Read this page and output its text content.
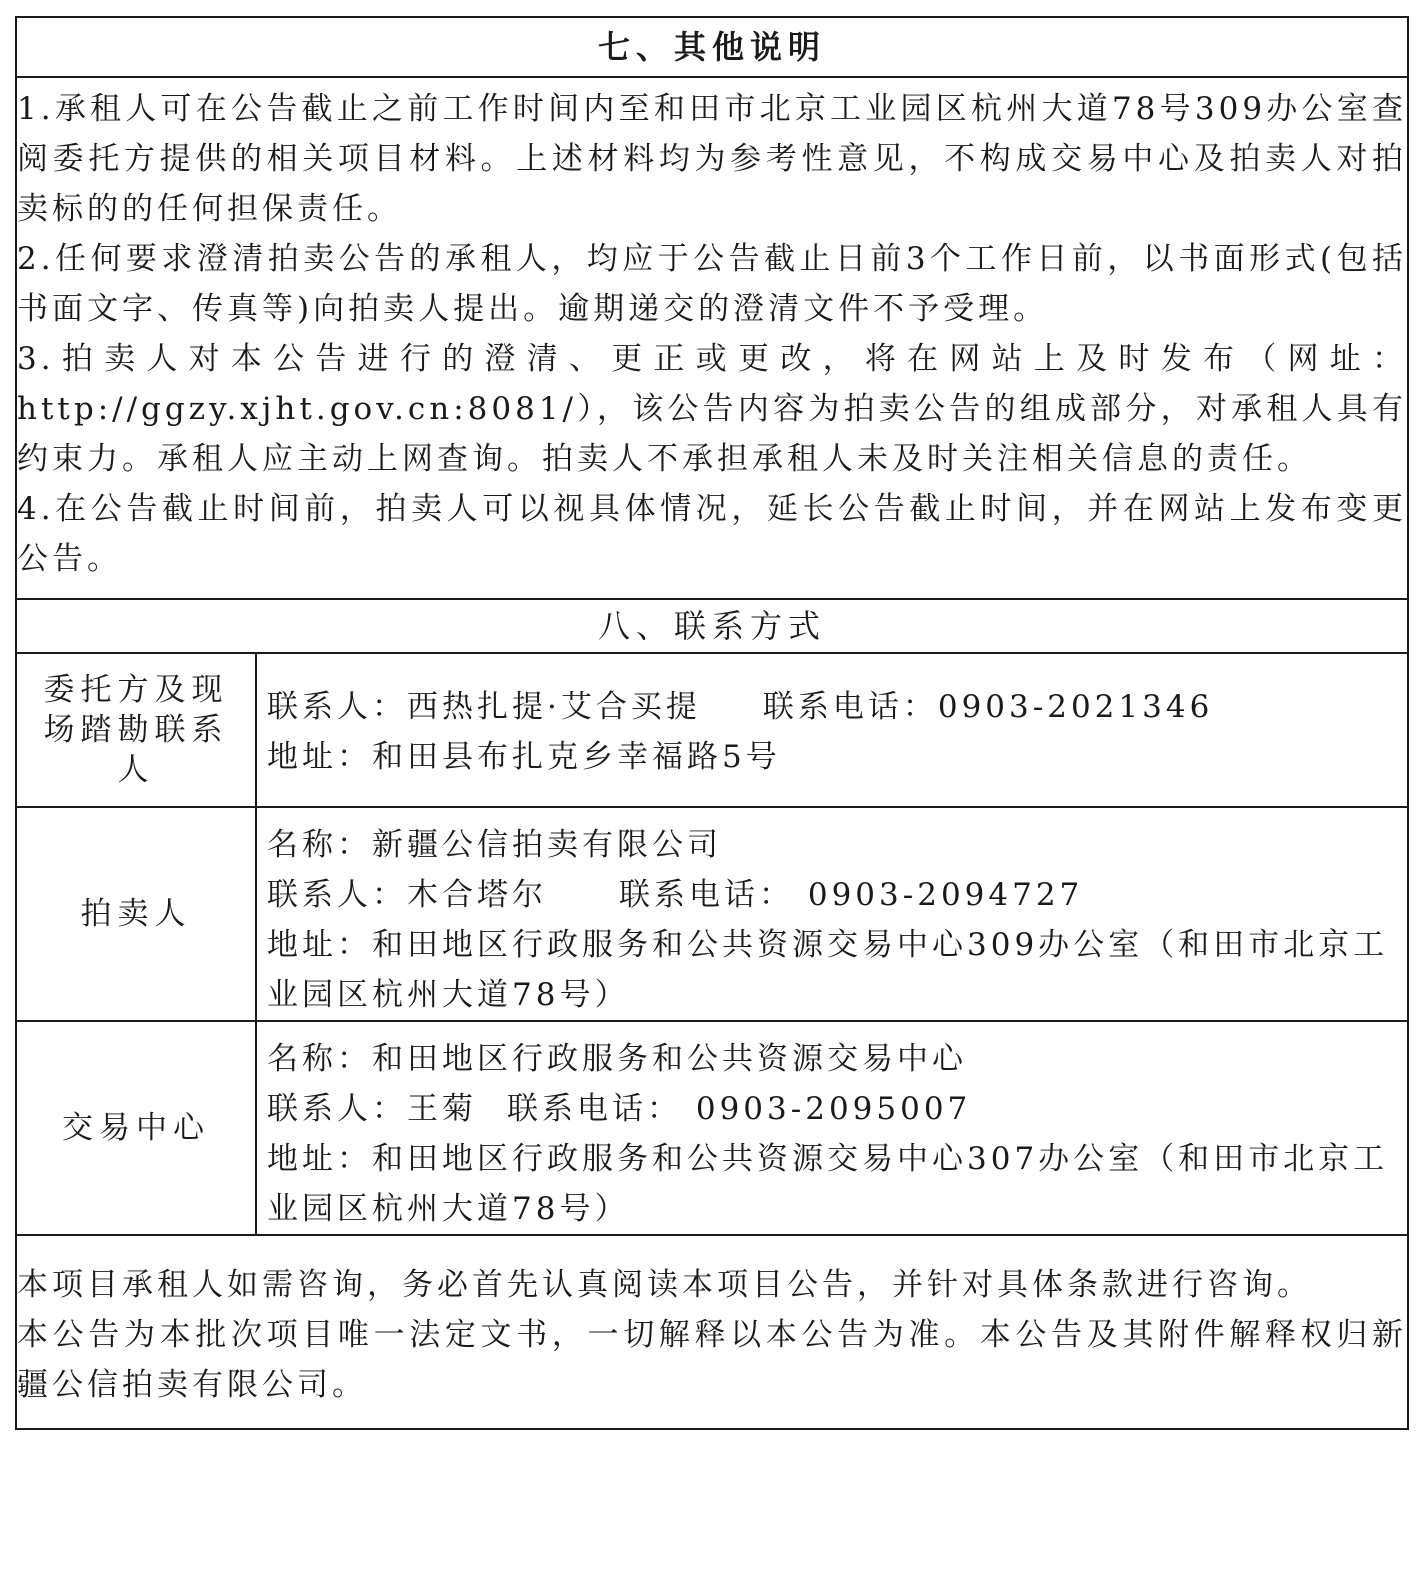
七、其他说明	

1.承租人可在公告截止之前工作时间内至和田市北京工业园区杭州大道78号309办公室查阅委托方提供的相关项目材料。上述材料均为参考性意见，不构成交易中心及拍卖人对拍卖标的的任何担保责任。

2.任何要求澄清拍卖公告的承租人，均应于公告截止日前3个工作日前，以书面形式(包括书面文字、传真等)向拍卖人提出。逾期递交的澄清文件不予受理。

3.拍卖人对本公告进行的澄清、更正或更改，将在网站上及时发布（网址：http://ggzy.xjht.gov.cn:8081/），该公告内容为拍卖公告的组成部分，对承租人具有约束力。承租人应主动上网查询。拍卖人不承担承租人未及时关注相关信息的责任。

4.在公告截止时间前，拍卖人可以视具体情况，延长公告截止时间，并在网站上发布变更公告。	

八、联系方式	
委托方及现场踏勘联系人	联系人：西热扎提·艾合买提 联系电话：0903-2021346

地址：和田县布扎克乡幸福路5号

拍卖人	名称：新疆公信拍卖有限公司

联系人：木合塔尔 联系电话： 0903-2094727

地址：和田地区行政服务和公共资源交易中心309办公室（和田市北京工业园区杭州大道78号）

交易中心	名称：和田地区行政服务和公共资源交易中心

联系人：王菊 联系电话： 0903-2095007

地址：和田地区行政服务和公共资源交易中心307办公室（和田市北京工业园区杭州大道78号）

本项目承租人如需咨询，务必首先认真阅读本项目公告，并针对具体条款进行咨询。

本公告为本批次项目唯一法定文书，一切解释以本公告为准。本公告及其附件解释权归新疆公信拍卖有限公司。	
